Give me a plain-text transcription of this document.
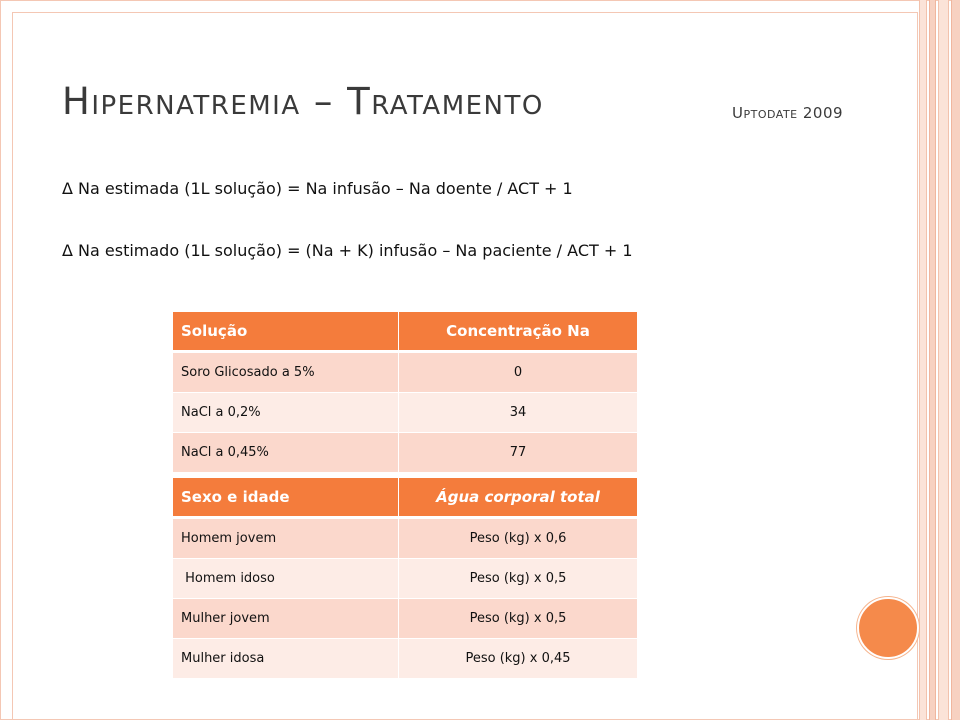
Hipernatremia – Tratamento	Uptodate 2009
Δ Na estimada (1L solução) = Na infusão – Na doente / ACT + 1
Δ Na estimado (1L solução) = (Na + K) infusão – Na paciente / ACT + 1
Solução	Concentração Na
Soro Glicosado a 5%	0
NaCl a 0,2%	34
NaCl a 0,45%	77
Sexo e idade	Água corporal total
Homem jovem	Peso (kg) x 0,6
Homem idoso	Peso (kg) x 0,5
Mulher jovem	Peso (kg) x 0,5
Mulher idosa	Peso (kg) x 0,45
